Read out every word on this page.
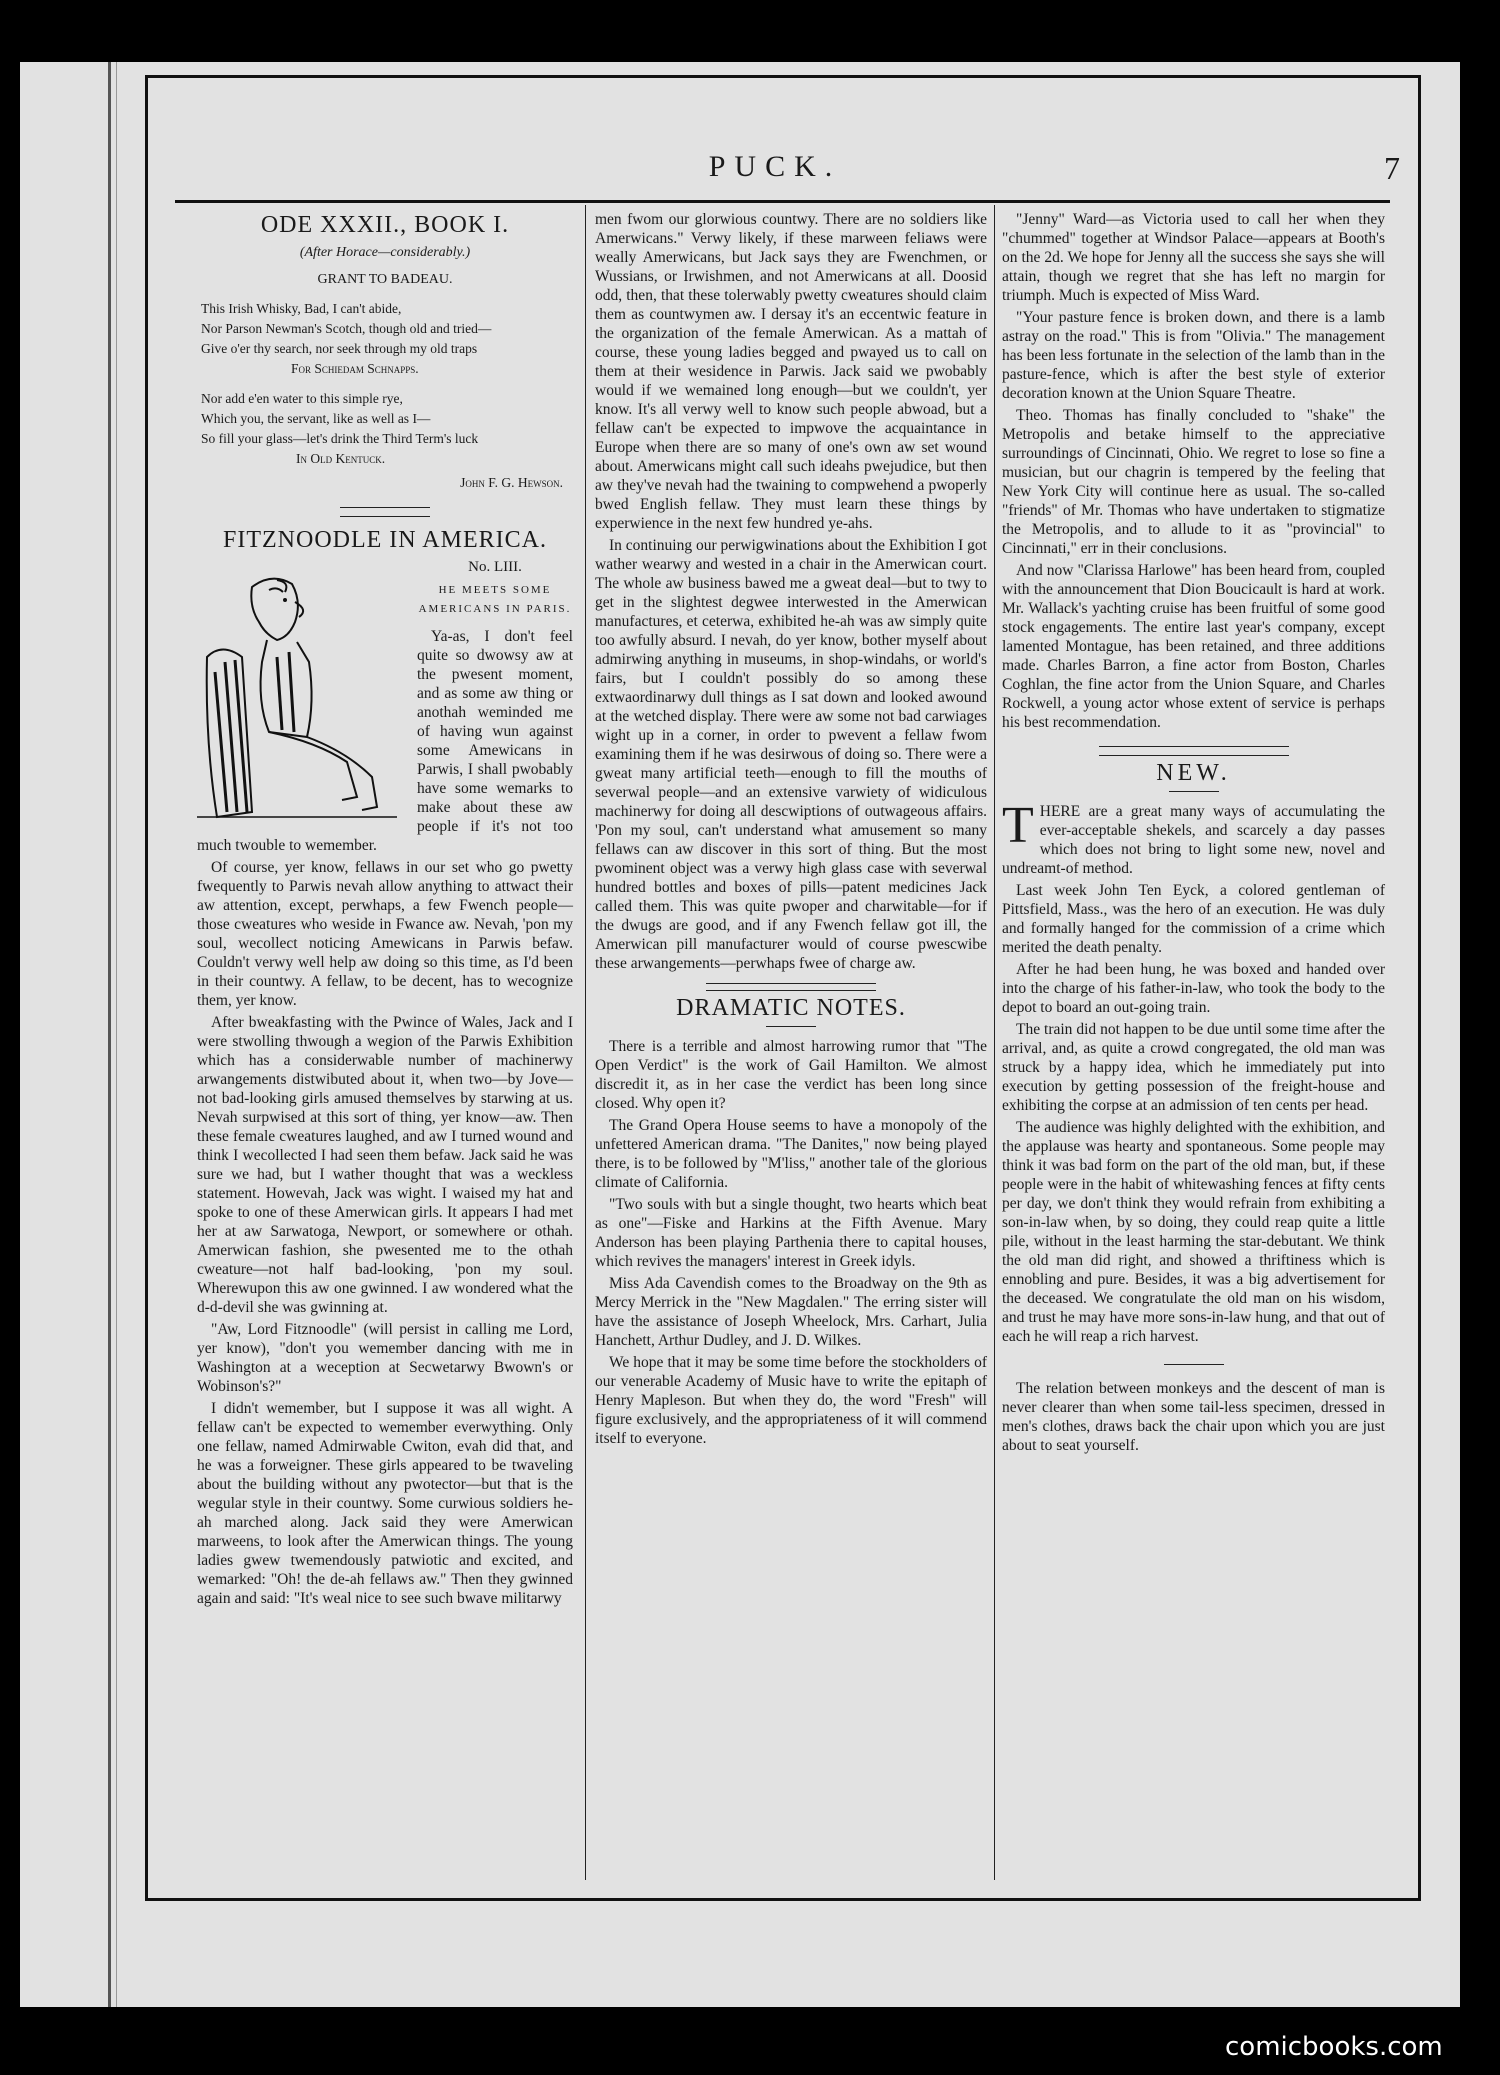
PUCK.	7
ODE XXXII., BOOK I.
(After Horace—considerably.)
GRANT TO BADEAU.

This Irish Whisky, Bad, I can't abide,

Nor Parson Newman's Scotch, though old and tried—

Give o'er thy search, nor seek through my old traps

For Schiedam Schnapps.

Nor add e'en water to this simple rye,

Which you, the servant, like as well as I—

So fill your glass—let's drink the Third Term's luck

In Old Kentuck.

John F. G. Hewson.

FITZNOODLE IN AMERICA.
No. LIII.
HE MEETS SOME AMERICANS IN PARIS.

Ya-as, I don't feel quite so dwowsy aw at the pwesent moment, and as some aw thing or anothah weminded me of having wun against some Amewicans in Parwis, I shall pwobably have some wemarks to make about these aw people if it's not too much twouble to wemember.

Of course, yer know, fellaws in our set who go pwetty fwequently to Parwis nevah allow anything to attwact their aw attention, except, perwhaps, a few Fwench people—those cweatures who weside in Fwance aw. Nevah, 'pon my soul, wecollect noticing Amewicans in Parwis befaw. Couldn't verwy well help aw doing so this time, as I'd been in their countwy. A fellaw, to be decent, has to wecognize them, yer know.

After bweakfasting with the Pwince of Wales, Jack and I were stwolling thwough a wegion of the Parwis Exhibition which has a considerwable number of machinerwy arwangements distwibuted about it, when two—by Jove—not bad-looking girls amused themselves by starwing at us. Nevah surpwised at this sort of thing, yer know—aw. Then these female cweatures laughed, and aw I turned wound and think I wecollected I had seen them befaw. Jack said he was sure we had, but I wather thought that was a weckless statement. Howevah, Jack was wight. I waised my hat and spoke to one of these Amerwican girls. It appears I had met her at aw Sarwatoga, Newport, or somewhere or othah. Amerwican fashion, she pwesented me to the othah cweature—not half bad-looking, 'pon my soul. Wherewupon this aw one gwinned. I aw wondered what the d-d-devil she was gwinning at.

"Aw, Lord Fitznoodle" (will persist in calling me Lord, yer know), "don't you wemember dancing with me in Washington at a weception at Secwetarwy Bwown's or Wobinson's?"

I didn't wemember, but I suppose it was all wight. A fellaw can't be expected to wemember everwything. Only one fellaw, named Admirwable Cwiton, evah did that, and he was a forweigner. These girls appeared to be twaveling about the building without any pwotector—but that is the wegular style in their countwy. Some curwious soldiers he-ah marched along. Jack said they were Amerwican marweens, to look after the Amerwican things. The young ladies gwew twemendously patwiotic and excited, and wemarked: "Oh! the de-ah fellaws aw." Then they gwinned again and said: "It's weal nice to see such bwave militarwy

men fwom our glorwious countwy. There are no soldiers like Amerwicans." Verwy likely, if these marween feliaws were weally Amerwicans, but Jack says they are Fwenchmen, or Wussians, or Irwishmen, and not Amerwicans at all. Doosid odd, then, that these tolerwably pwetty cweatures should claim them as countwymen aw. I dersay it's an eccentwic feature in the organization of the female Amerwican. As a mattah of course, these young ladies begged and pwayed us to call on them at their wesidence in Parwis. Jack said we pwobably would if we wemained long enough—but we couldn't, yer know. It's all verwy well to know such people abwoad, but a fellaw can't be expected to impwove the acquaintance in Europe when there are so many of one's own aw set wound about. Amerwicans might call such ideahs pwejudice, but then aw they've nevah had the twaining to compwehend a pwoperly bwed English fellaw. They must learn these things by experwience in the next few hundred ye-ahs.

In continuing our perwigwinations about the Exhibition I got wather wearwy and wested in a chair in the Amerwican court. The whole aw business bawed me a gweat deal—but to twy to get in the slightest degwee interwested in the Amerwican manufactures, et ceterwa, exhibited he-ah was aw simply quite too awfully absurd. I nevah, do yer know, bother myself about admirwing anything in museums, in shop-windahs, or world's fairs, but I couldn't possibly do so among these extwaordinarwy dull things as I sat down and looked awound at the wetched display. There were aw some not bad carwiages wight up in a corner, in order to pwevent a fellaw fwom examining them if he was desirwous of doing so. There were a gweat many artificial teeth—enough to fill the mouths of severwal people—and an extensive varwiety of widiculous machinerwy for doing all descwiptions of outwageous affairs. 'Pon my soul, can't understand what amusement so many fellaws can aw discover in this sort of thing. But the most pwominent object was a verwy high glass case with severwal hundred bottles and boxes of pills—patent medicines Jack called them. This was quite pwoper and charwitable—for if the dwugs are good, and if any Fwench fellaw got ill, the Amerwican pill manufacturer would of course pwescwibe these arwangements—perwhaps fwee of charge aw.

DRAMATIC NOTES.

There is a terrible and almost harrowing rumor that "The Open Verdict" is the work of Gail Hamilton. We almost discredit it, as in her case the verdict has been long since closed. Why open it?

The Grand Opera House seems to have a monopoly of the unfettered American drama. "The Danites," now being played there, is to be followed by "M'liss," another tale of the glorious climate of California.

"Two souls with but a single thought, two hearts which beat as one"—Fiske and Harkins at the Fifth Avenue. Mary Anderson has been playing Parthenia there to capital houses, which revives the managers' interest in Greek idyls.

Miss Ada Cavendish comes to the Broadway on the 9th as Mercy Merrick in the "New Magdalen." The erring sister will have the assistance of Joseph Wheelock, Mrs. Carhart, Julia Hanchett, Arthur Dudley, and J. D. Wilkes.

We hope that it may be some time before the stockholders of our venerable Academy of Music have to write the epitaph of Henry Mapleson. But when they do, the word "Fresh" will figure exclusively, and the appropriateness of it will commend itself to everyone.

"Jenny" Ward—as Victoria used to call her when they "chummed" together at Windsor Palace—appears at Booth's on the 2d. We hope for Jenny all the success she says she will attain, though we regret that she has left no margin for triumph. Much is expected of Miss Ward.

"Your pasture fence is broken down, and there is a lamb astray on the road." This is from "Olivia." The management has been less fortunate in the selection of the lamb than in the pasture-fence, which is after the best style of exterior decoration known at the Union Square Theatre.

Theo. Thomas has finally concluded to "shake" the Metropolis and betake himself to the appreciative surroundings of Cincinnati, Ohio. We regret to lose so fine a musician, but our chagrin is tempered by the feeling that New York City will continue here as usual. The so-called "friends" of Mr. Thomas who have undertaken to stigmatize the Metropolis, and to allude to it as "provincial" to Cincinnati," err in their conclusions.

And now "Clarissa Harlowe" has been heard from, coupled with the announcement that Dion Boucicault is hard at work. Mr. Wallack's yachting cruise has been fruitful of some good stock engagements. The entire last year's company, except lamented Montague, has been retained, and three additions made. Charles Barron, a fine actor from Boston, Charles Coghlan, the fine actor from the Union Square, and Charles Rockwell, a young actor whose extent of service is perhaps his best recommendation.

NEW.
T HERE are a great many ways of accumulating the ever-acceptable shekels, and scarcely a day passes which does not bring to light some new, novel and undreamt-of method.

Last week John Ten Eyck, a colored gentleman of Pittsfield, Mass., was the hero of an execution. He was duly and formally hanged for the commission of a crime which merited the death penalty.

After he had been hung, he was boxed and handed over into the charge of his father-in-law, who took the body to the depot to board an out-going train.

The train did not happen to be due until some time after the arrival, and, as quite a crowd congregated, the old man was struck by a happy idea, which he immediately put into execution by getting possession of the freight-house and exhibiting the corpse at an admission of ten cents per head.

The audience was highly delighted with the exhibition, and the applause was hearty and spontaneous. Some people may think it was bad form on the part of the old man, but, if these people were in the habit of whitewashing fences at fifty cents per day, we don't think they would refrain from exhibiting a son-in-law when, by so doing, they could reap quite a little pile, without in the least harming the star-debutant. We think the old man did right, and showed a thriftiness which is ennobling and pure. Besides, it was a big advertisement for the deceased. We congratulate the old man on his wisdom, and trust he may have more sons-in-law hung, and that out of each he will reap a rich harvest.

The relation between monkeys and the descent of man is never clearer than when some tail-less specimen, dressed in men's clothes, draws back the chair upon which you are just about to seat yourself.

comicbooks.com
